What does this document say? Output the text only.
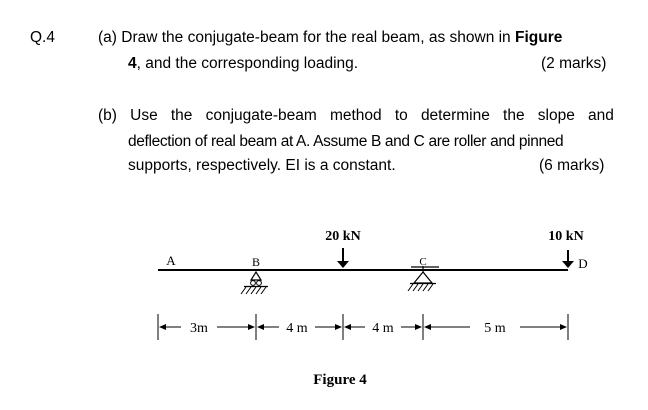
Q.4	(a) Draw the conjugate-beam for the real beam, as shown in Figure
4, and the corresponding loading.	(2 marks)
(b) Use the conjugate-beam method to determine the slope and
deflection of real beam at A. Assume B and C are roller and pinned
supports, respectively. EI is a constant.	(6 marks)
A	B	C	D
20 kN	10 kN
3m	4 m	4 m	5 m
Figure 4
